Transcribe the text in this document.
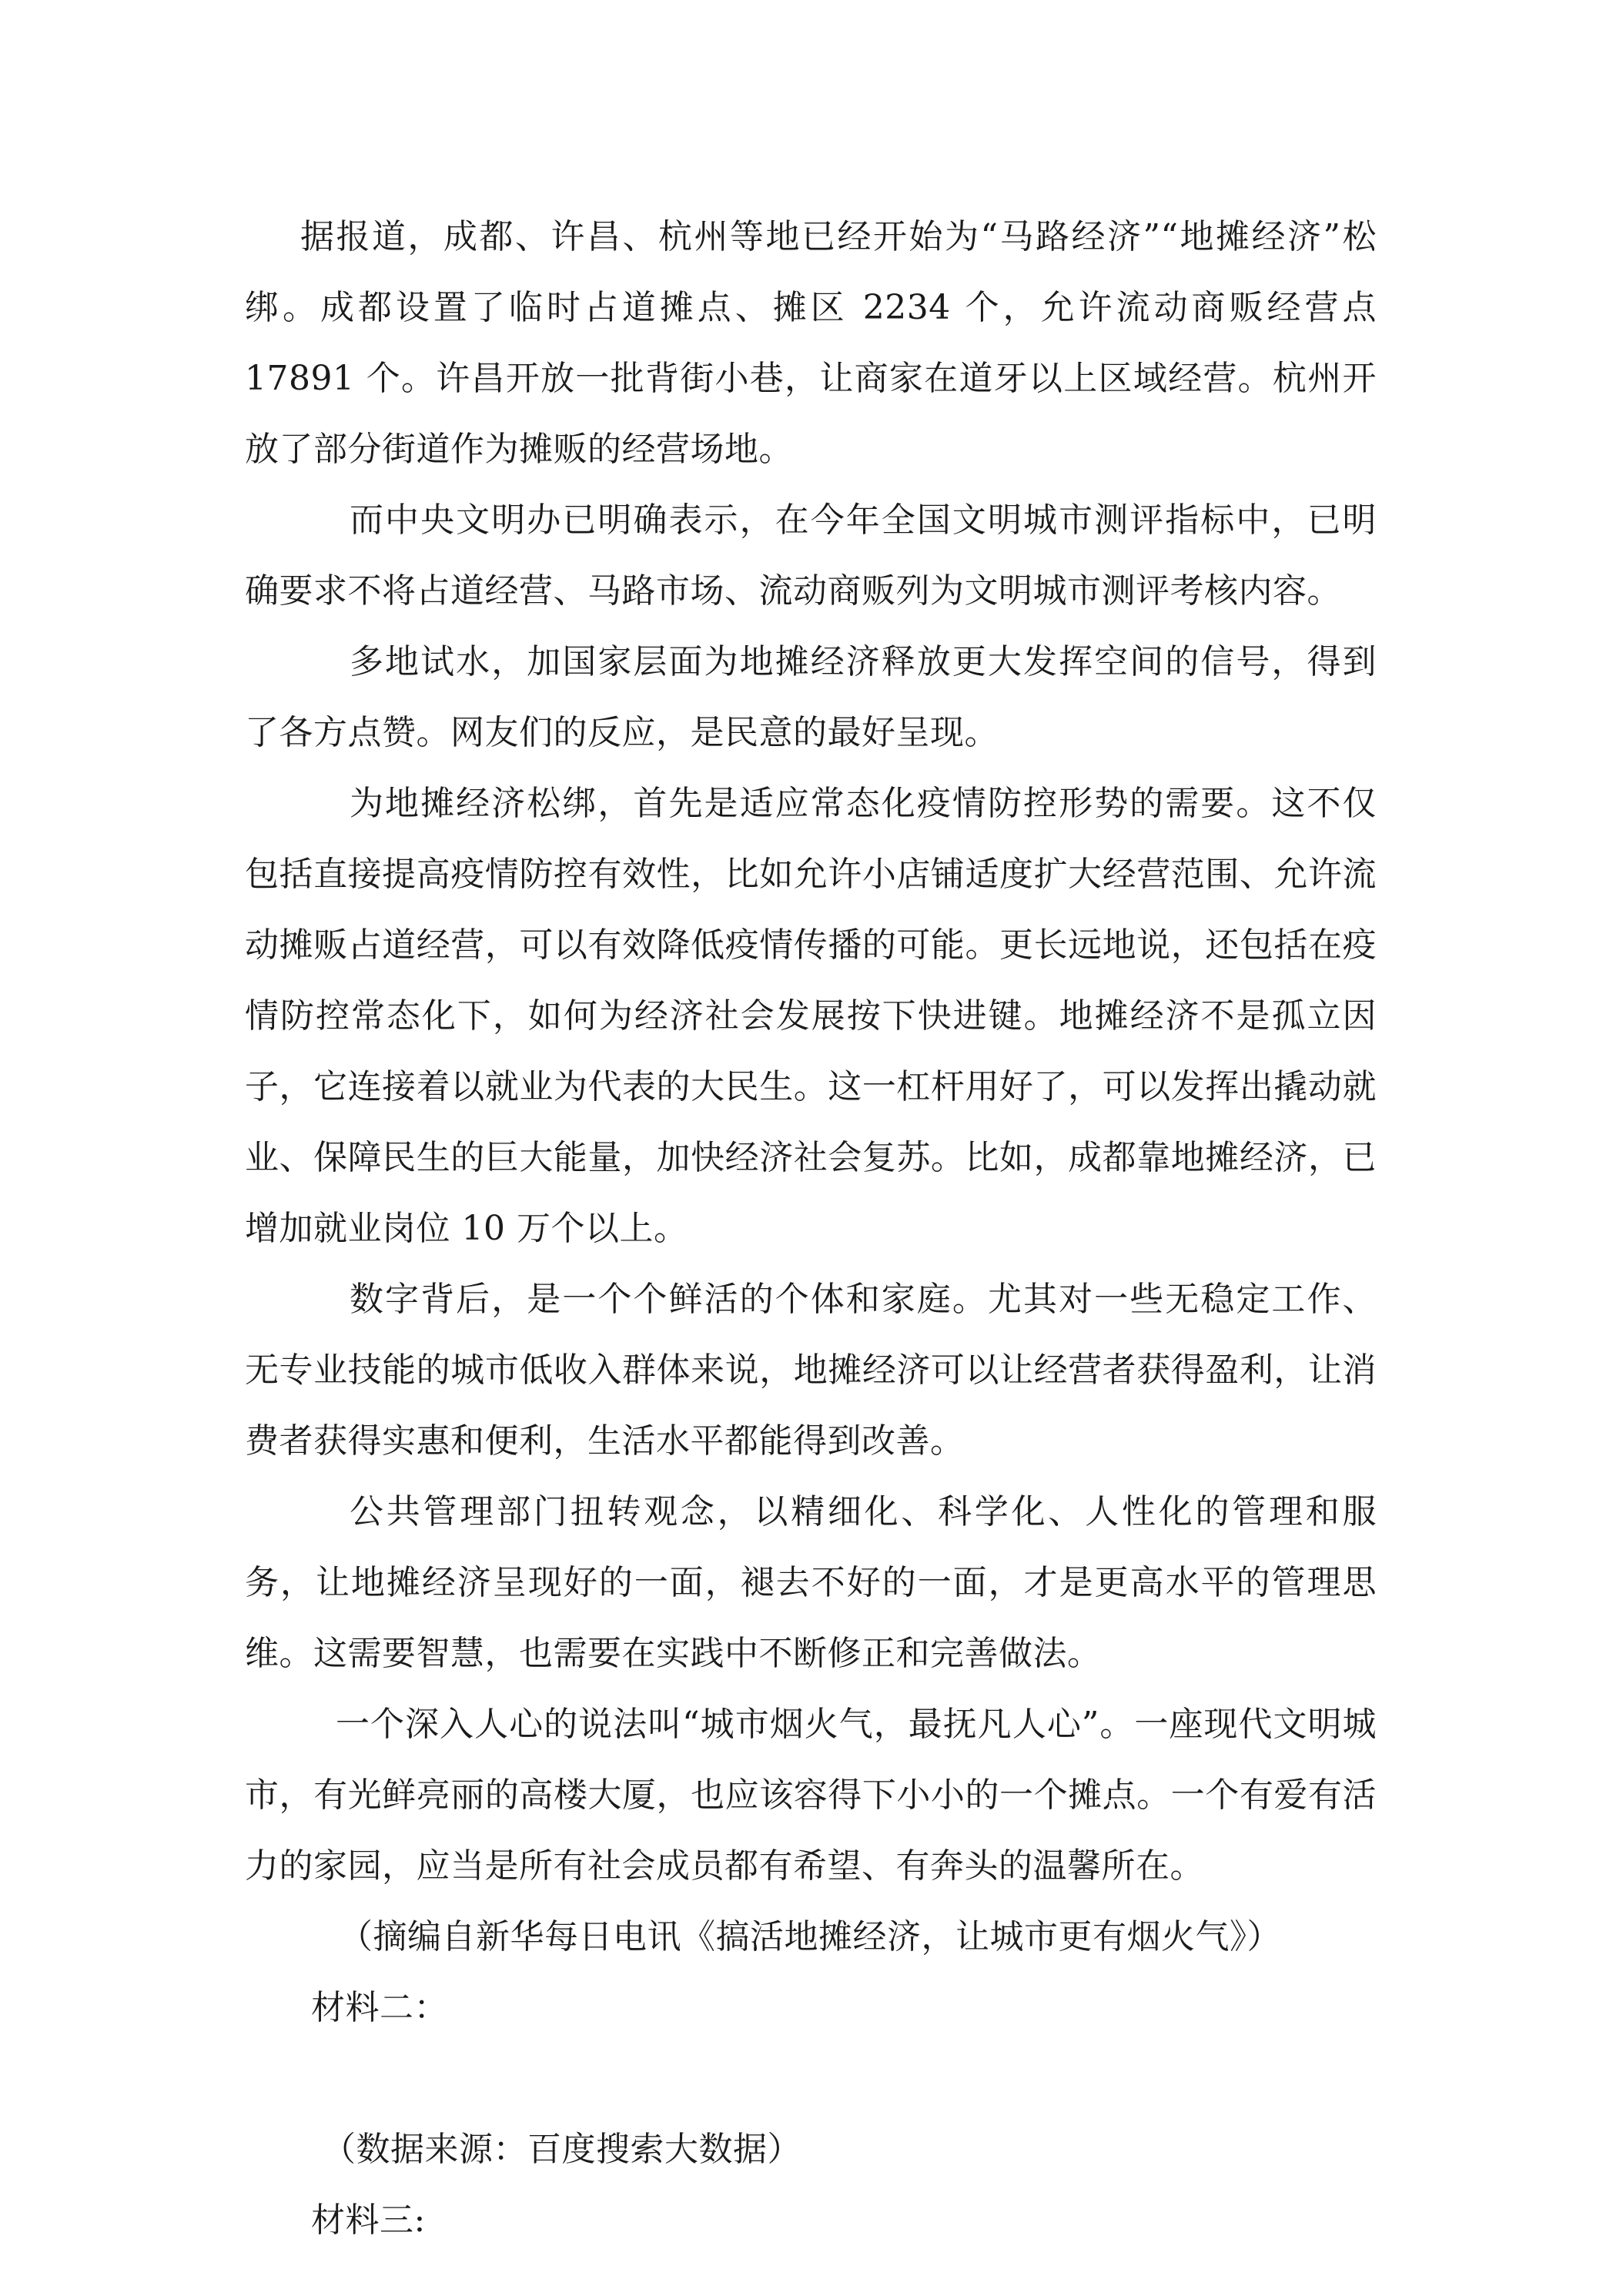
据报道，成都、许昌、杭州等地已经开始为“马路经济”“地摊经济”松绑。成都设置了临时占道摊点、摊区 2234 个，允许流动商贩经营点 17891 个。许昌开放一批背街小巷，让商家在道牙以上区域经营。杭州开放了部分街道作为摊贩的经营场地。

而中央文明办已明确表示，在今年全国文明城市测评指标中，已明确要求不将占道经营、马路市场、流动商贩列为文明城市测评考核内容。

多地试水，加国家层面为地摊经济释放更大发挥空间的信号，得到了各方点赞。网友们的反应，是民意的最好呈现。

为地摊经济松绑，首先是适应常态化疫情防控形势的需要。这不仅包括直接提高疫情防控有效性，比如允许小店铺适度扩大经营范围、允许流动摊贩占道经营，可以有效降低疫情传播的可能。更长远地说，还包括在疫情防控常态化下，如何为经济社会发展按下快进键。地摊经济不是孤立因子，它连接着以就业为代表的大民生。这一杠杆用好了，可以发挥出撬动就业、保障民生的巨大能量，加快经济社会复苏。比如，成都靠地摊经济，已增加就业岗位 10 万个以上。

数字背后，是一个个鲜活的个体和家庭。尤其对一些无稳定工作、无专业技能的城市低收入群体来说，地摊经济可以让经营者获得盈利，让消费者获得实惠和便利，生活水平都能得到改善。

公共管理部门扭转观念，以精细化、科学化、人性化的管理和服务，让地摊经济呈现好的一面，褪去不好的一面，才是更高水平的管理思维。这需要智慧，也需要在实践中不断修正和完善做法。

一个深入人心的说法叫“城市烟火气，最抚凡人心”。一座现代文明城市，有光鲜亮丽的高楼大厦，也应该容得下小小的一个摊点。一个有爱有活力的家园，应当是所有社会成员都有希望、有奔头的温馨所在。

（摘编自新华每日电讯《搞活地摊经济，让城市更有烟火气》）

材料二：

（数据来源：百度搜索大数据）

材料三:
